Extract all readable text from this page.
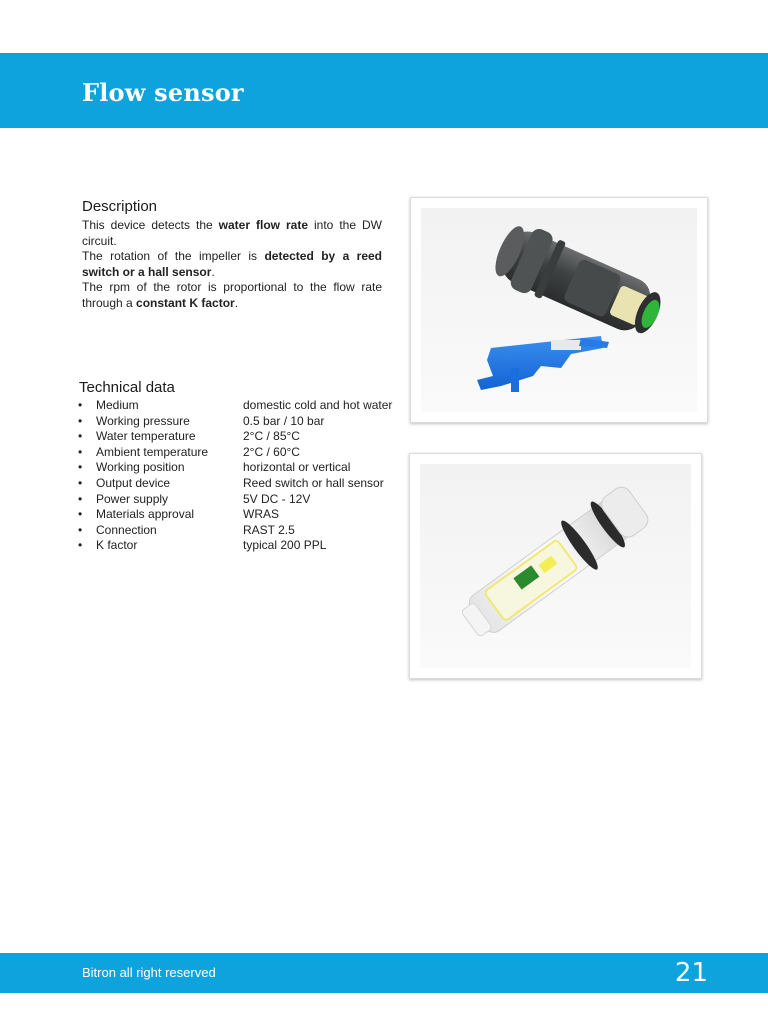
Flow sensor
Description

This device detects the water flow rate into the DW circuit.

The rotation of the impeller is detected by a reed switch or a hall sensor.

The rpm of the rotor is proportional to the flow rate through a constant K factor.

Technical data
• Medium	domestic cold and hot water
• Working pressure	0.5 bar / 10 bar
• Water temperature	2°C / 85°C
• Ambient temperature	2°C / 60°C
• Working position	horizontal or vertical
• Output device	Reed switch or hall sensor
• Power supply	5V DC - 12V
• Materials approval	WRAS
• Connection	RAST 2.5
• K factor	typical 200 PPL

Bitron all right reserved	21
